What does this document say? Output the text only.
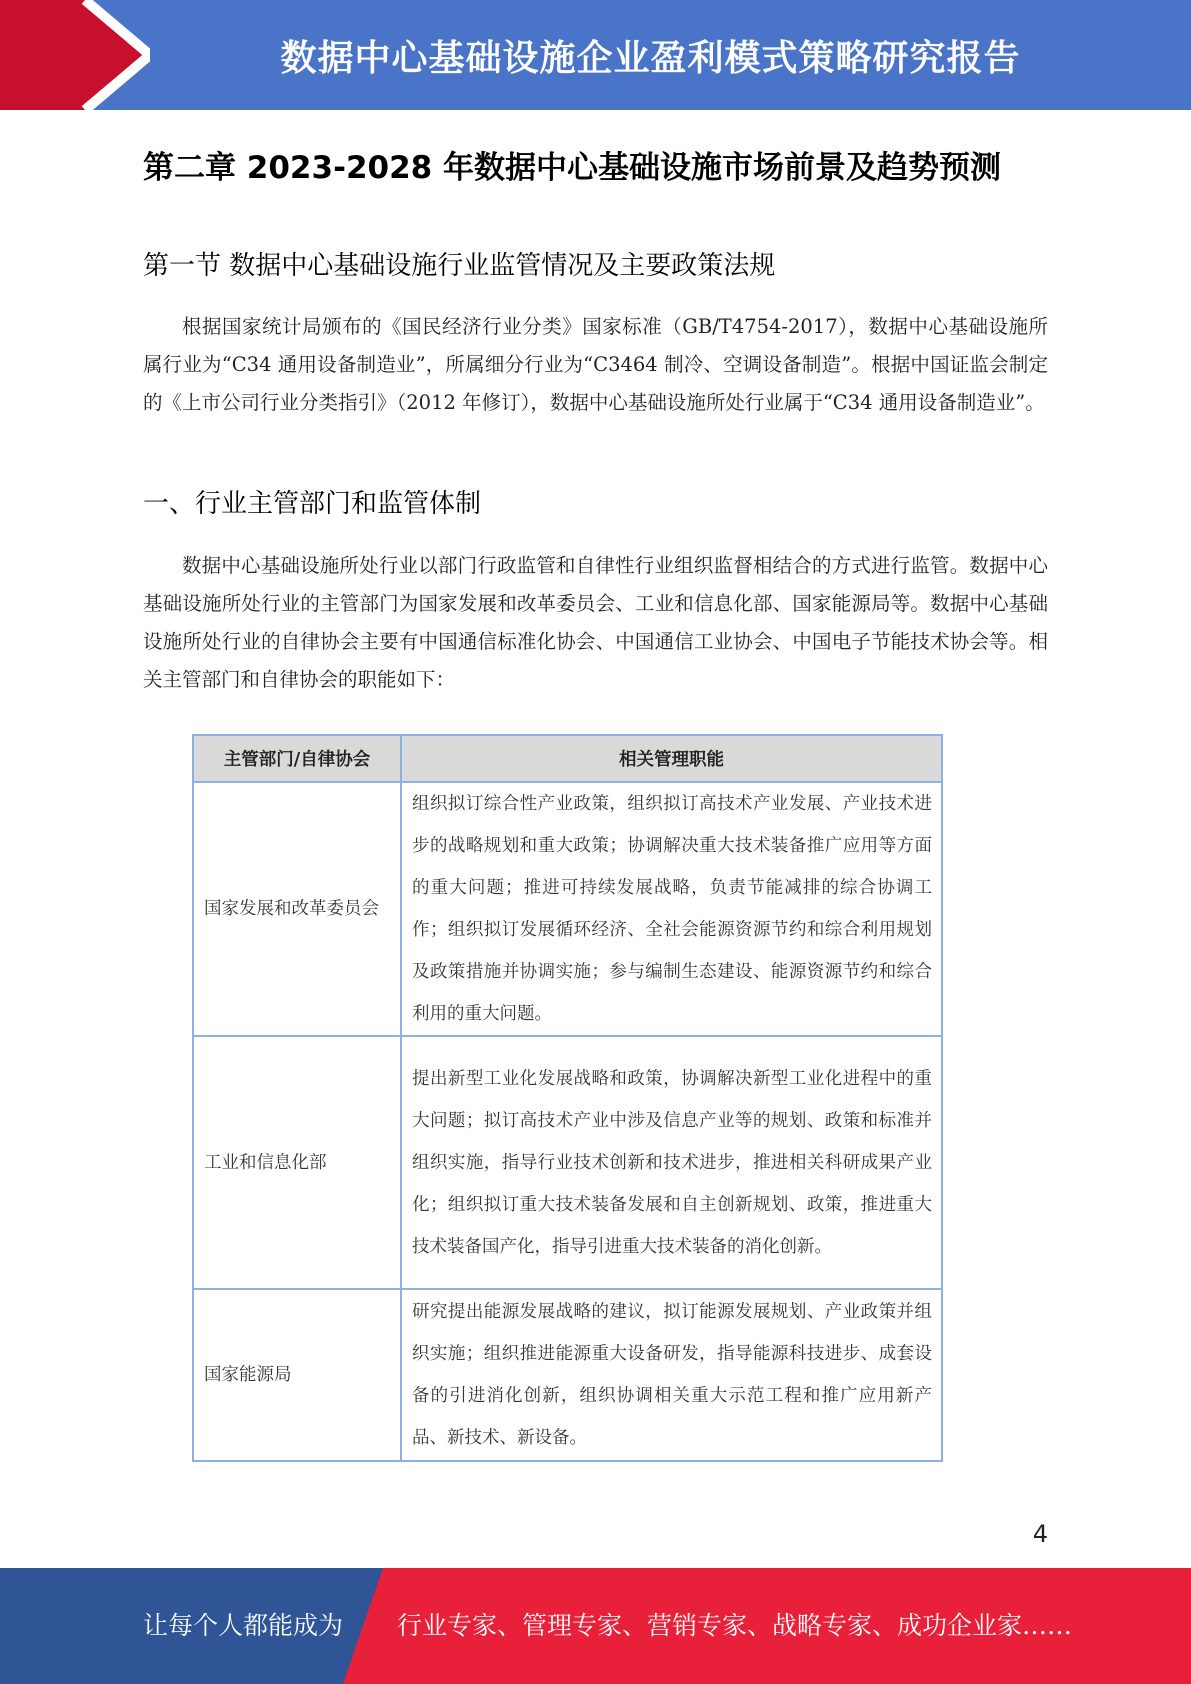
数据中心基础设施企业盈利模式策略研究报告
第二章 2023-2028 年数据中心基础设施市场前景及趋势预测
第一节 数据中心基础设施行业监管情况及主要政策法规

根据国家统计局颁布的《国民经济行业分类》国家标准（GB/T4754-2017），数据中心基础设施所属行业为“C34 通用设备制造业”，所属细分行业为“C3464 制冷、空调设备制造”。根据中国证监会制定的《上市公司行业分类指引》（2012 年修订），数据中心基础设施所处行业属于“C34 通用设备制造业”。

一、行业主管部门和监管体制

数据中心基础设施所处行业以部门行政监管和自律性行业组织监督相结合的方式进行监管。数据中心基础设施所处行业的主管部门为国家发展和改革委员会、工业和信息化部、国家能源局等。数据中心基础设施所处行业的自律协会主要有中国通信标准化协会、中国通信工业协会、中国电子节能技术协会等。相关主管部门和自律协会的职能如下：

主管部门/自律协会	相关管理职能
国家发展和改革委员会	组织拟订综合性产业政策，组织拟订高技术产业发展、产业技术进步的战略规划和重大政策；协调解决重大技术装备推广应用等方面的重大问题；推进可持续发展战略，负责节能减排的综合协调工作；组织拟订发展循环经济、全社会能源资源节约和综合利用规划及政策措施并协调实施；参与编制生态建设、能源资源节约和综合利用的重大问题。
工业和信息化部	提出新型工业化发展战略和政策，协调解决新型工业化进程中的重大问题；拟订高技术产业中涉及信息产业等的规划、政策和标准并组织实施，指导行业技术创新和技术进步，推进相关科研成果产业化；组织拟订重大技术装备发展和自主创新规划、政策，推进重大技术装备国产化，指导引进重大技术装备的消化创新。
国家能源局	研究提出能源发展战略的建议，拟订能源发展规划、产业政策并组织实施；组织推进能源重大设备研发，指导能源科技进步、成套设备的引进消化创新，组织协调相关重大示范工程和推广应用新产品、新技术、新设备。
4
让每个人都能成为 行业专家、管理专家、营销专家、战略专家、成功企业家……
